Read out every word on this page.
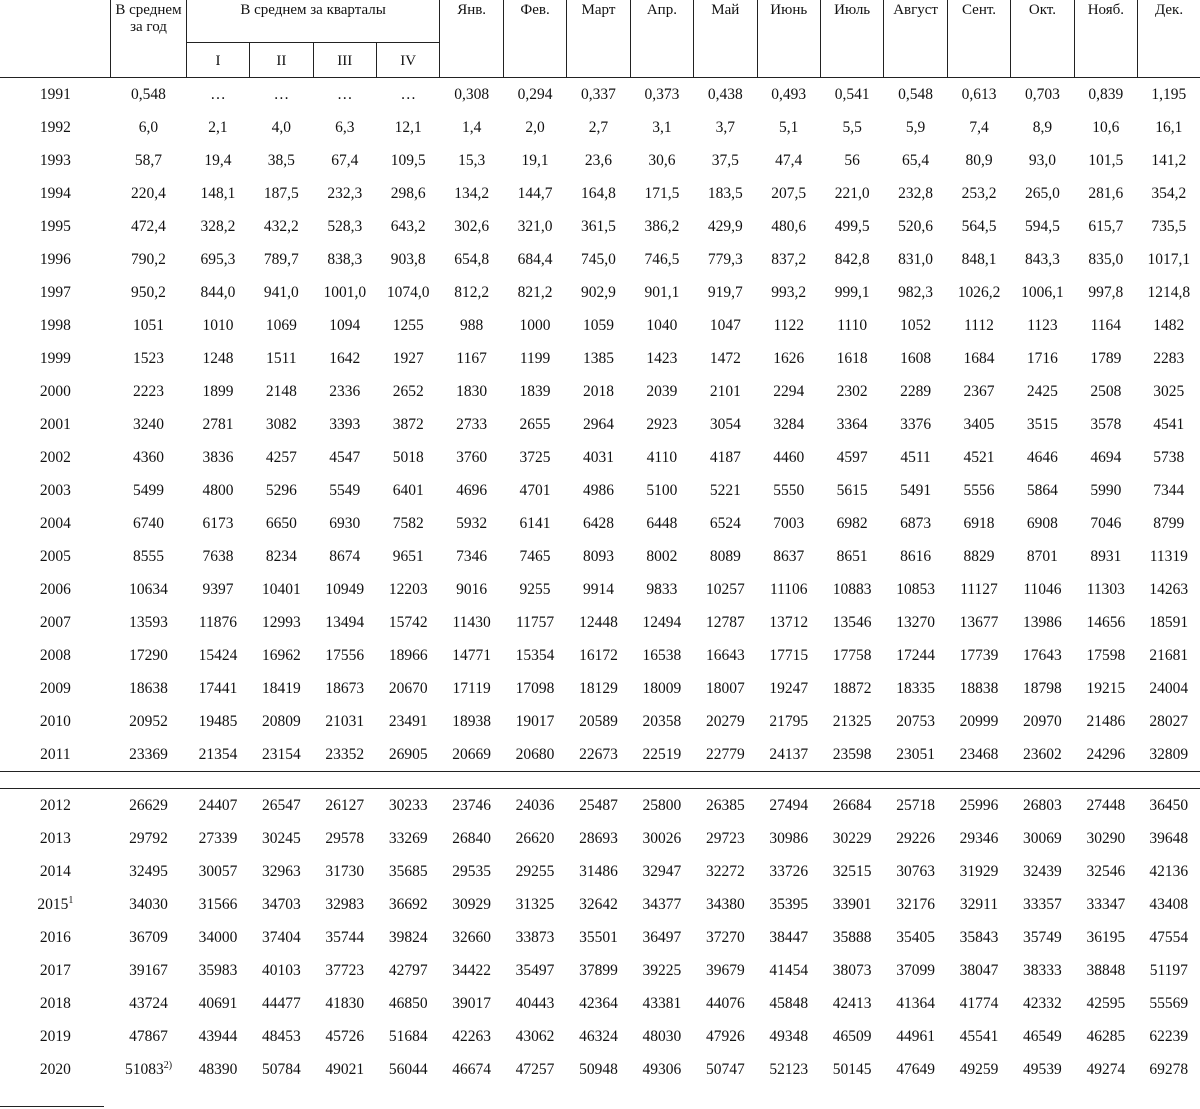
	В среднем за год	В среднем за кварталы				Янв.	Фев.	Март	Апр.	Май	Июнь	Июль	Август	Сент.	Окт.	Нояб.	Дек.
		I	II	III	IV												
1991	0,548	…	…	…	…	0,308	0,294	0,337	0,373	0,438	0,493	0,541	0,548	0,613	0,703	0,839	1,195
1992	6,0	2,1	4,0	6,3	12,1	1,4	2,0	2,7	3,1	3,7	5,1	5,5	5,9	7,4	8,9	10,6	16,1
1993	58,7	19,4	38,5	67,4	109,5	15,3	19,1	23,6	30,6	37,5	47,4	56	65,4	80,9	93,0	101,5	141,2
1994	220,4	148,1	187,5	232,3	298,6	134,2	144,7	164,8	171,5	183,5	207,5	221,0	232,8	253,2	265,0	281,6	354,2
1995	472,4	328,2	432,2	528,3	643,2	302,6	321,0	361,5	386,2	429,9	480,6	499,5	520,6	564,5	594,5	615,7	735,5
1996	790,2	695,3	789,7	838,3	903,8	654,8	684,4	745,0	746,5	779,3	837,2	842,8	831,0	848,1	843,3	835,0	1017,1
1997	950,2	844,0	941,0	1001,0	1074,0	812,2	821,2	902,9	901,1	919,7	993,2	999,1	982,3	1026,2	1006,1	997,8	1214,8
1998	1051	1010	1069	1094	1255	988	1000	1059	1040	1047	1122	1110	1052	1112	1123	1164	1482
1999	1523	1248	1511	1642	1927	1167	1199	1385	1423	1472	1626	1618	1608	1684	1716	1789	2283
2000	2223	1899	2148	2336	2652	1830	1839	2018	2039	2101	2294	2302	2289	2367	2425	2508	3025
2001	3240	2781	3082	3393	3872	2733	2655	2964	2923	3054	3284	3364	3376	3405	3515	3578	4541
2002	4360	3836	4257	4547	5018	3760	3725	4031	4110	4187	4460	4597	4511	4521	4646	4694	5738
2003	5499	4800	5296	5549	6401	4696	4701	4986	5100	5221	5550	5615	5491	5556	5864	5990	7344
2004	6740	6173	6650	6930	7582	5932	6141	6428	6448	6524	7003	6982	6873	6918	6908	7046	8799
2005	8555	7638	8234	8674	9651	7346	7465	8093	8002	8089	8637	8651	8616	8829	8701	8931	11319
2006	10634	9397	10401	10949	12203	9016	9255	9914	9833	10257	11106	10883	10853	11127	11046	11303	14263
2007	13593	11876	12993	13494	15742	11430	11757	12448	12494	12787	13712	13546	13270	13677	13986	14656	18591
2008	17290	15424	16962	17556	18966	14771	15354	16172	16538	16643	17715	17758	17244	17739	17643	17598	21681
2009	18638	17441	18419	18673	20670	17119	17098	18129	18009	18007	19247	18872	18335	18838	18798	19215	24004
2010	20952	19485	20809	21031	23491	18938	19017	20589	20358	20279	21795	21325	20753	20999	20970	21486	28027
2011	23369	21354	23154	23352	26905	20669	20680	22673	22519	22779	24137	23598	23051	23468	23602	24296	32809

2012	26629	24407	26547	26127	30233	23746	24036	25487	25800	26385	27494	26684	25718	25996	26803	27448	36450
2013	29792	27339	30245	29578	33269	26840	26620	28693	30026	29723	30986	30229	29226	29346	30069	30290	39648
2014	32495	30057	32963	31730	35685	29535	29255	31486	32947	32272	33726	32515	30763	31929	32439	32546	42136
2015$^1$	34030	31566	34703	32983	36692	30929	31325	32642	34377	34380	35395	33901	32176	32911	33357	33347	43408
2016	36709	34000	37404	35744	39824	32660	33873	35501	36497	37270	38447	35888	35405	35843	35749	36195	47554
2017	39167	35983	40103	37723	42797	34422	35497	37899	39225	39679	41454	38073	37099	38047	38333	38848	51197
2018	43724	40691	44477	41830	46850	39017	40443	42364	43381	44076	45848	42413	41364	41774	42332	42595	55569
2019	47867	43944	48453	45726	51684	42263	43062	46324	48030	47926	49348	46509	44961	45541	46549	46285	62239
2020	51083$^{2)}$	48390	50784	49021	56044	46674	47257	50948	49306	50747	52123	50145	47649	49259	49539	49274	69278
